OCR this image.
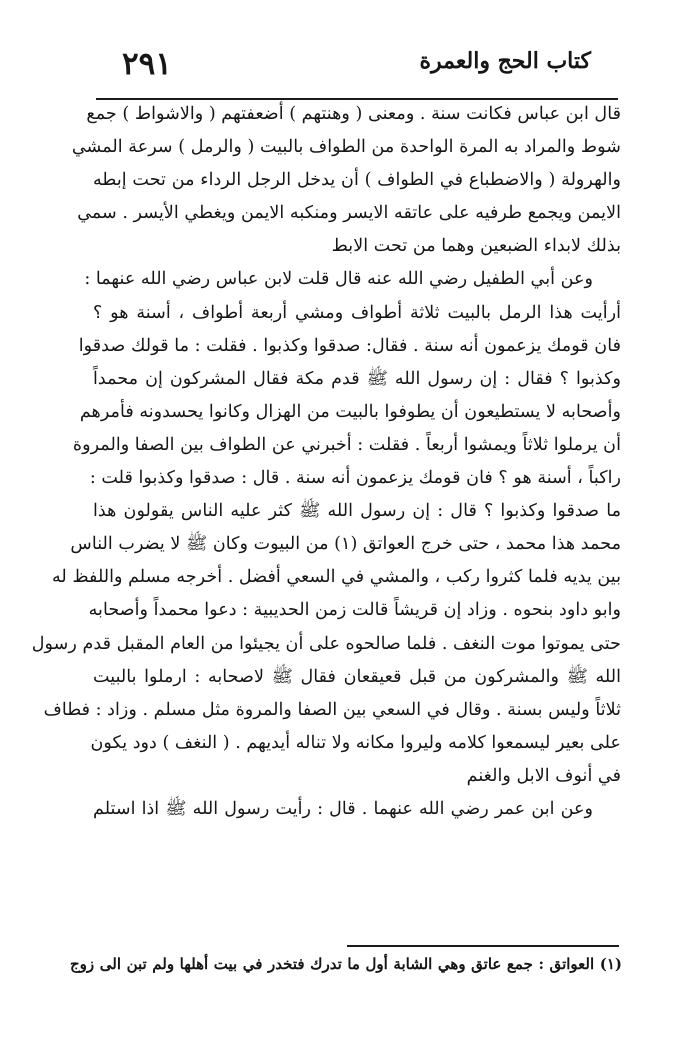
٢٩١	كتاب الحج والعمرة
قال ابن عباس فكانت سنة . ومعنى ( وهنتهم ) أضعفتهم ( والاشواط ) جمع
شوط والمراد به المرة الواحدة من الطواف بالبيت ( والرمل ) سرعة المشي
والهرولة ( والاضطباع في الطواف ) أن يدخل الرجل الرداء من تحت إبطه
الايمن ويجمع طرفيه على عاتقه الايسر ومنكبه الايمن ويغطي الأيسر . سمي
بذلك لابداء الضبعين وهما من تحت الابط
وعن أبي الطفيل رضي الله عنه قال قلت لابن عباس رضي الله عنهما :
أرأيت هذا الرمل بالبيت ثلاثة أطواف ومشي أربعة أطواف ، أسنة هو ؟
فان قومك يزعمون أنه سنة . فقال: صدقوا وكذبوا . فقلت : ما قولك صدقوا
وكذبوا ؟ فقال : إن رسول الله ﷺ قدم مكة فقال المشركون إن محمداً
وأصحابه لا يستطيعون أن يطوفوا بالبيت من الهزال وكانوا يحسدونه فأمرهم
أن يرملوا ثلاثاً ويمشوا أربعاً . فقلت : أخبرني عن الطواف بين الصفا والمروة
راكباً ، أسنة هو ؟ فان قومك يزعمون أنه سنة . قال : صدقوا وكذبوا قلت :
ما صدقوا وكذبوا ؟ قال : إن رسول الله ﷺ كثر عليه الناس يقولون هذا
محمد هذا محمد ، حتى خرج العواتق (١) من البيوت وكان ﷺ لا يضرب الناس
بين يديه فلما كثروا ركب ، والمشي في السعي أفضل . أخرجه مسلم واللفظ له
وابو داود بنحوه . وزاد إن قريشاً قالت زمن الحديبية : دعوا محمداً وأصحابه
حتى يموتوا موت النغف . فلما صالحوه على أن يجيئوا من العام المقبل قدم رسول
الله ﷺ والمشركون من قبل قعيقعان فقال ﷺ لاصحابه : ارملوا بالبيت
ثلاثاً وليس بسنة . وقال في السعي بين الصفا والمروة مثل مسلم . وزاد : فطاف
على بعير ليسمعوا كلامه وليروا مكانه ولا تناله أيديهم . ( النغف ) دود يكون
في أنوف الابل والغنم
وعن ابن عمر رضي الله عنهما . قال : رأيت رسول الله ﷺ اذا استلم
(١) العواتق : جمع عاتق وهي الشابة أول ما تدرك فتخدر في بيت أهلها ولم تبن الى زوج
